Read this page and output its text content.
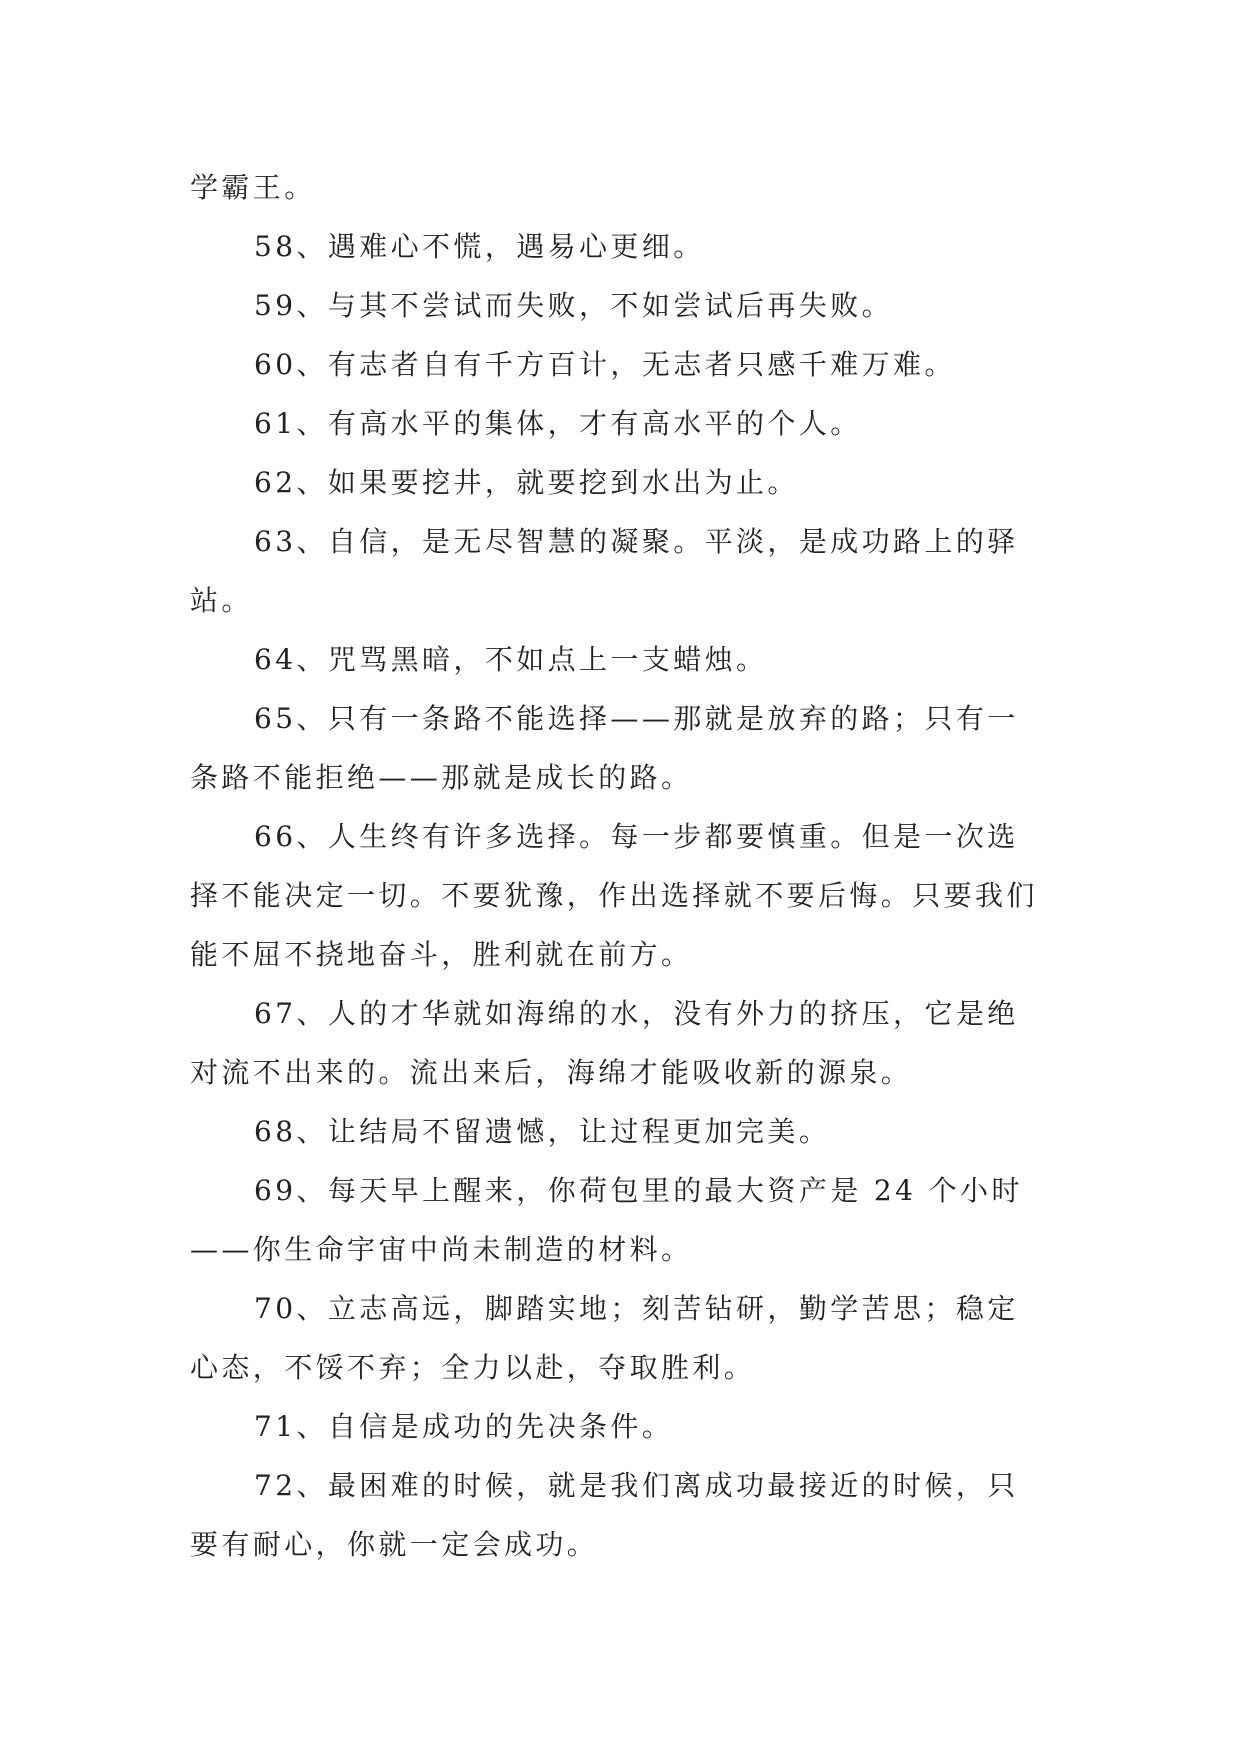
学霸王。

58、遇难心不慌，遇易心更细。

59、与其不尝试而失败，不如尝试后再失败。

60、有志者自有千方百计，无志者只感千难万难。

61、有高水平的集体，才有高水平的个人。

62、如果要挖井，就要挖到水出为止。

63、自信，是无尽智慧的凝聚。平淡，是成功路上的驿站。

64、咒骂黑暗，不如点上一支蜡烛。

65、只有一条路不能选择——那就是放弃的路；只有一条路不能拒绝——那就是成长的路。

66、人生终有许多选择。每一步都要慎重。但是一次选择不能决定一切。不要犹豫，作出选择就不要后悔。只要我们能不屈不挠地奋斗，胜利就在前方。

67、人的才华就如海绵的水，没有外力的挤压，它是绝对流不出来的。流出来后，海绵才能吸收新的源泉。

68、让结局不留遗憾，让过程更加完美。

69、每天早上醒来，你荷包里的最大资产是 24 个小时——你生命宇宙中尚未制造的材料。

70、立志高远，脚踏实地；刻苦钻研，勤学苦思；稳定心态，不馁不弃；全力以赴，夺取胜利。

71、自信是成功的先决条件。

72、最困难的时候，就是我们离成功最接近的时候，只要有耐心，你就一定会成功。
